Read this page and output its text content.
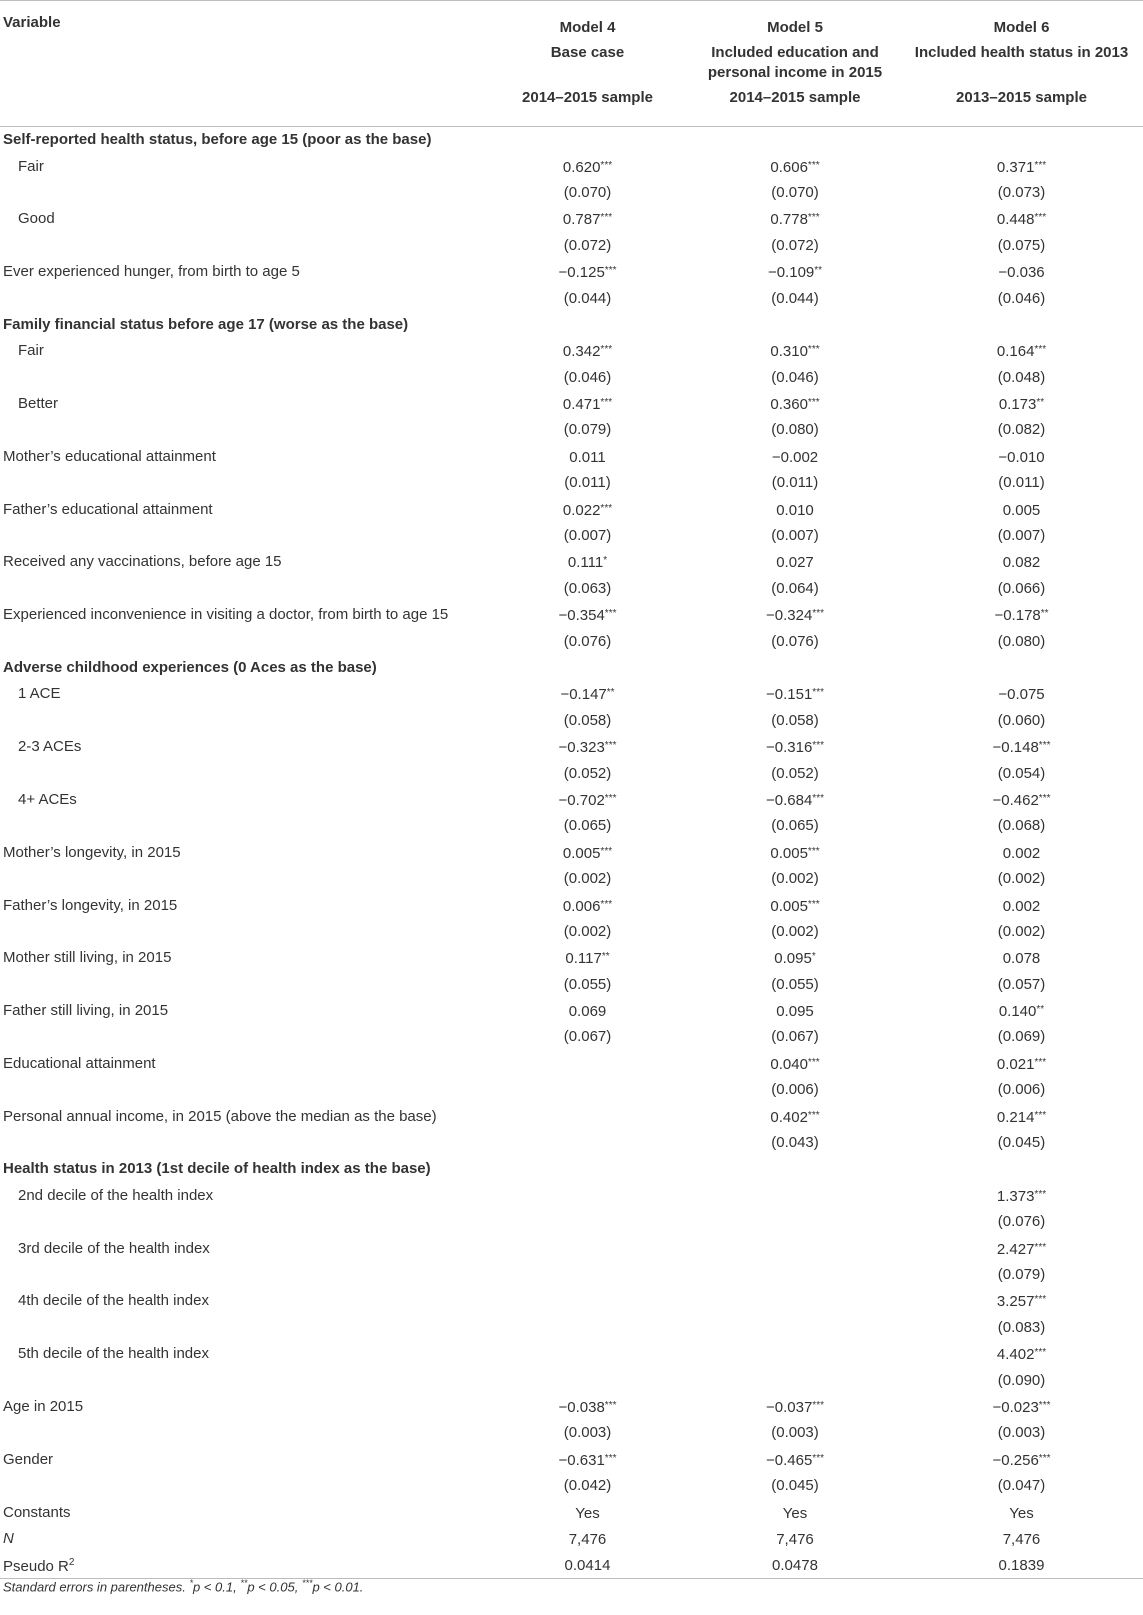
Variable	Model 4	Model 5	Model 6
	Base case	Included education and personal income in 2015	Included health status in 2013
	2014–2015 sample	2014–2015 sample	2013–2015 sample

Self-reported health status, before age 15 (poor as the base)			
Fair	0.620***	0.606***	0.371***
	(0.070)	(0.070)	(0.073)
Good	0.787***	0.778***	0.448***
	(0.072)	(0.072)	(0.075)
Ever experienced hunger, from birth to age 5	−0.125***	−0.109**	−0.036
	(0.044)	(0.044)	(0.046)
Family financial status before age 17 (worse as the base)			
Fair	0.342***	0.310***	0.164***
	(0.046)	(0.046)	(0.048)
Better	0.471***	0.360***	0.173**
	(0.079)	(0.080)	(0.082)
Mother’s educational attainment	0.011	−0.002	−0.010
	(0.011)	(0.011)	(0.011)
Father’s educational attainment	0.022***	0.010	0.005
	(0.007)	(0.007)	(0.007)
Received any vaccinations, before age 15	0.111*	0.027	0.082
	(0.063)	(0.064)	(0.066)
Experienced inconvenience in visiting a doctor, from birth to age 15	−0.354***	−0.324***	−0.178**
	(0.076)	(0.076)	(0.080)
Adverse childhood experiences (0 Aces as the base)			
1 ACE	−0.147**	−0.151***	−0.075
	(0.058)	(0.058)	(0.060)
2-3 ACEs	−0.323***	−0.316***	−0.148***
	(0.052)	(0.052)	(0.054)
4+ ACEs	−0.702***	−0.684***	−0.462***
	(0.065)	(0.065)	(0.068)
Mother’s longevity, in 2015	0.005***	0.005***	0.002
	(0.002)	(0.002)	(0.002)
Father’s longevity, in 2015	0.006***	0.005***	0.002
	(0.002)	(0.002)	(0.002)
Mother still living, in 2015	0.117**	0.095*	0.078
	(0.055)	(0.055)	(0.057)
Father still living, in 2015	0.069	0.095	0.140**
	(0.067)	(0.067)	(0.069)
Educational attainment		0.040***	0.021***
		(0.006)	(0.006)
Personal annual income, in 2015 (above the median as the base)		0.402***	0.214***
		(0.043)	(0.045)
Health status in 2013 (1st decile of health index as the base)			
2nd decile of the health index			1.373***
			(0.076)
3rd decile of the health index			2.427***
			(0.079)
4th decile of the health index			3.257***
			(0.083)
5th decile of the health index			4.402***
			(0.090)
Age in 2015	−0.038***	−0.037***	−0.023***
	(0.003)	(0.003)	(0.003)
Gender	−0.631***	−0.465***	−0.256***
	(0.042)	(0.045)	(0.047)
Constants	Yes	Yes	Yes
N	7,476	7,476	7,476
Pseudo $R^2$	0.0414	0.0478	0.1839
Standard errors in parentheses. *p < 0.1, **p < 0.05, ***p < 0.01.
